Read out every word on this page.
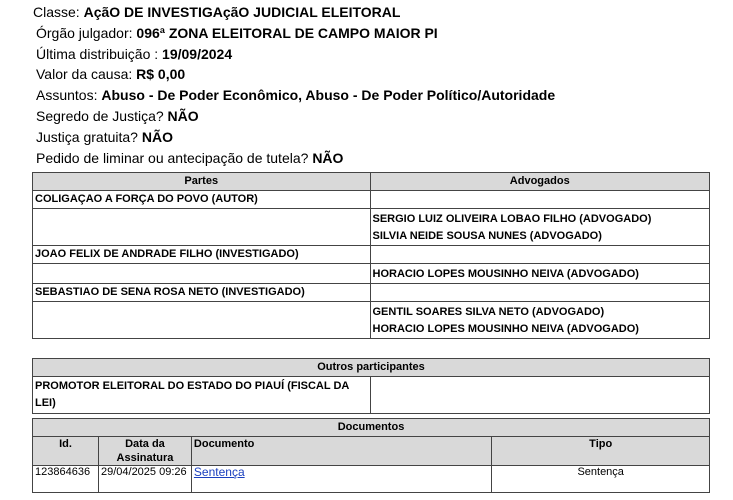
Classe: AçãO DE INVESTIGAçãO JUDICIAL ELEITORAL
Órgão julgador: 096ª ZONA ELEITORAL DE CAMPO MAIOR PI
Última distribuição : 19/09/2024
Valor da causa: R$ 0,00
Assuntos: Abuso - De Poder Econômico, Abuso - De Poder Político/Autoridade
Segredo de Justiça? NÃO
Justiça gratuita? NÃO
Pedido de liminar ou antecipação de tutela? NÃO
Partes	Advogados
COLIGAÇAO A FORÇA DO POVO (AUTOR)	

	SERGIO LUIZ OLIVEIRA LOBAO FILHO (ADVOGADO)
SILVIA NEIDE SOUSA NUNES (ADVOGADO)

JOAO FELIX DE ANDRADE FILHO (INVESTIGADO)	

	HORACIO LOPES MOUSINHO NEIVA (ADVOGADO)

SEBASTIAO DE SENA ROSA NETO (INVESTIGADO)	

	GENTIL SOARES SILVA NETO (ADVOGADO)
HORACIO LOPES MOUSINHO NEIVA (ADVOGADO)
Outros participantes
PROMOTOR ELEITORAL DO ESTADO DO PIAUÍ (FISCAL DA LEI)	
Documentos			
Id.	Data da Assinatura	Documento	Tipo
123864636	29/04/2025 09:26	Sentença	Sentença
